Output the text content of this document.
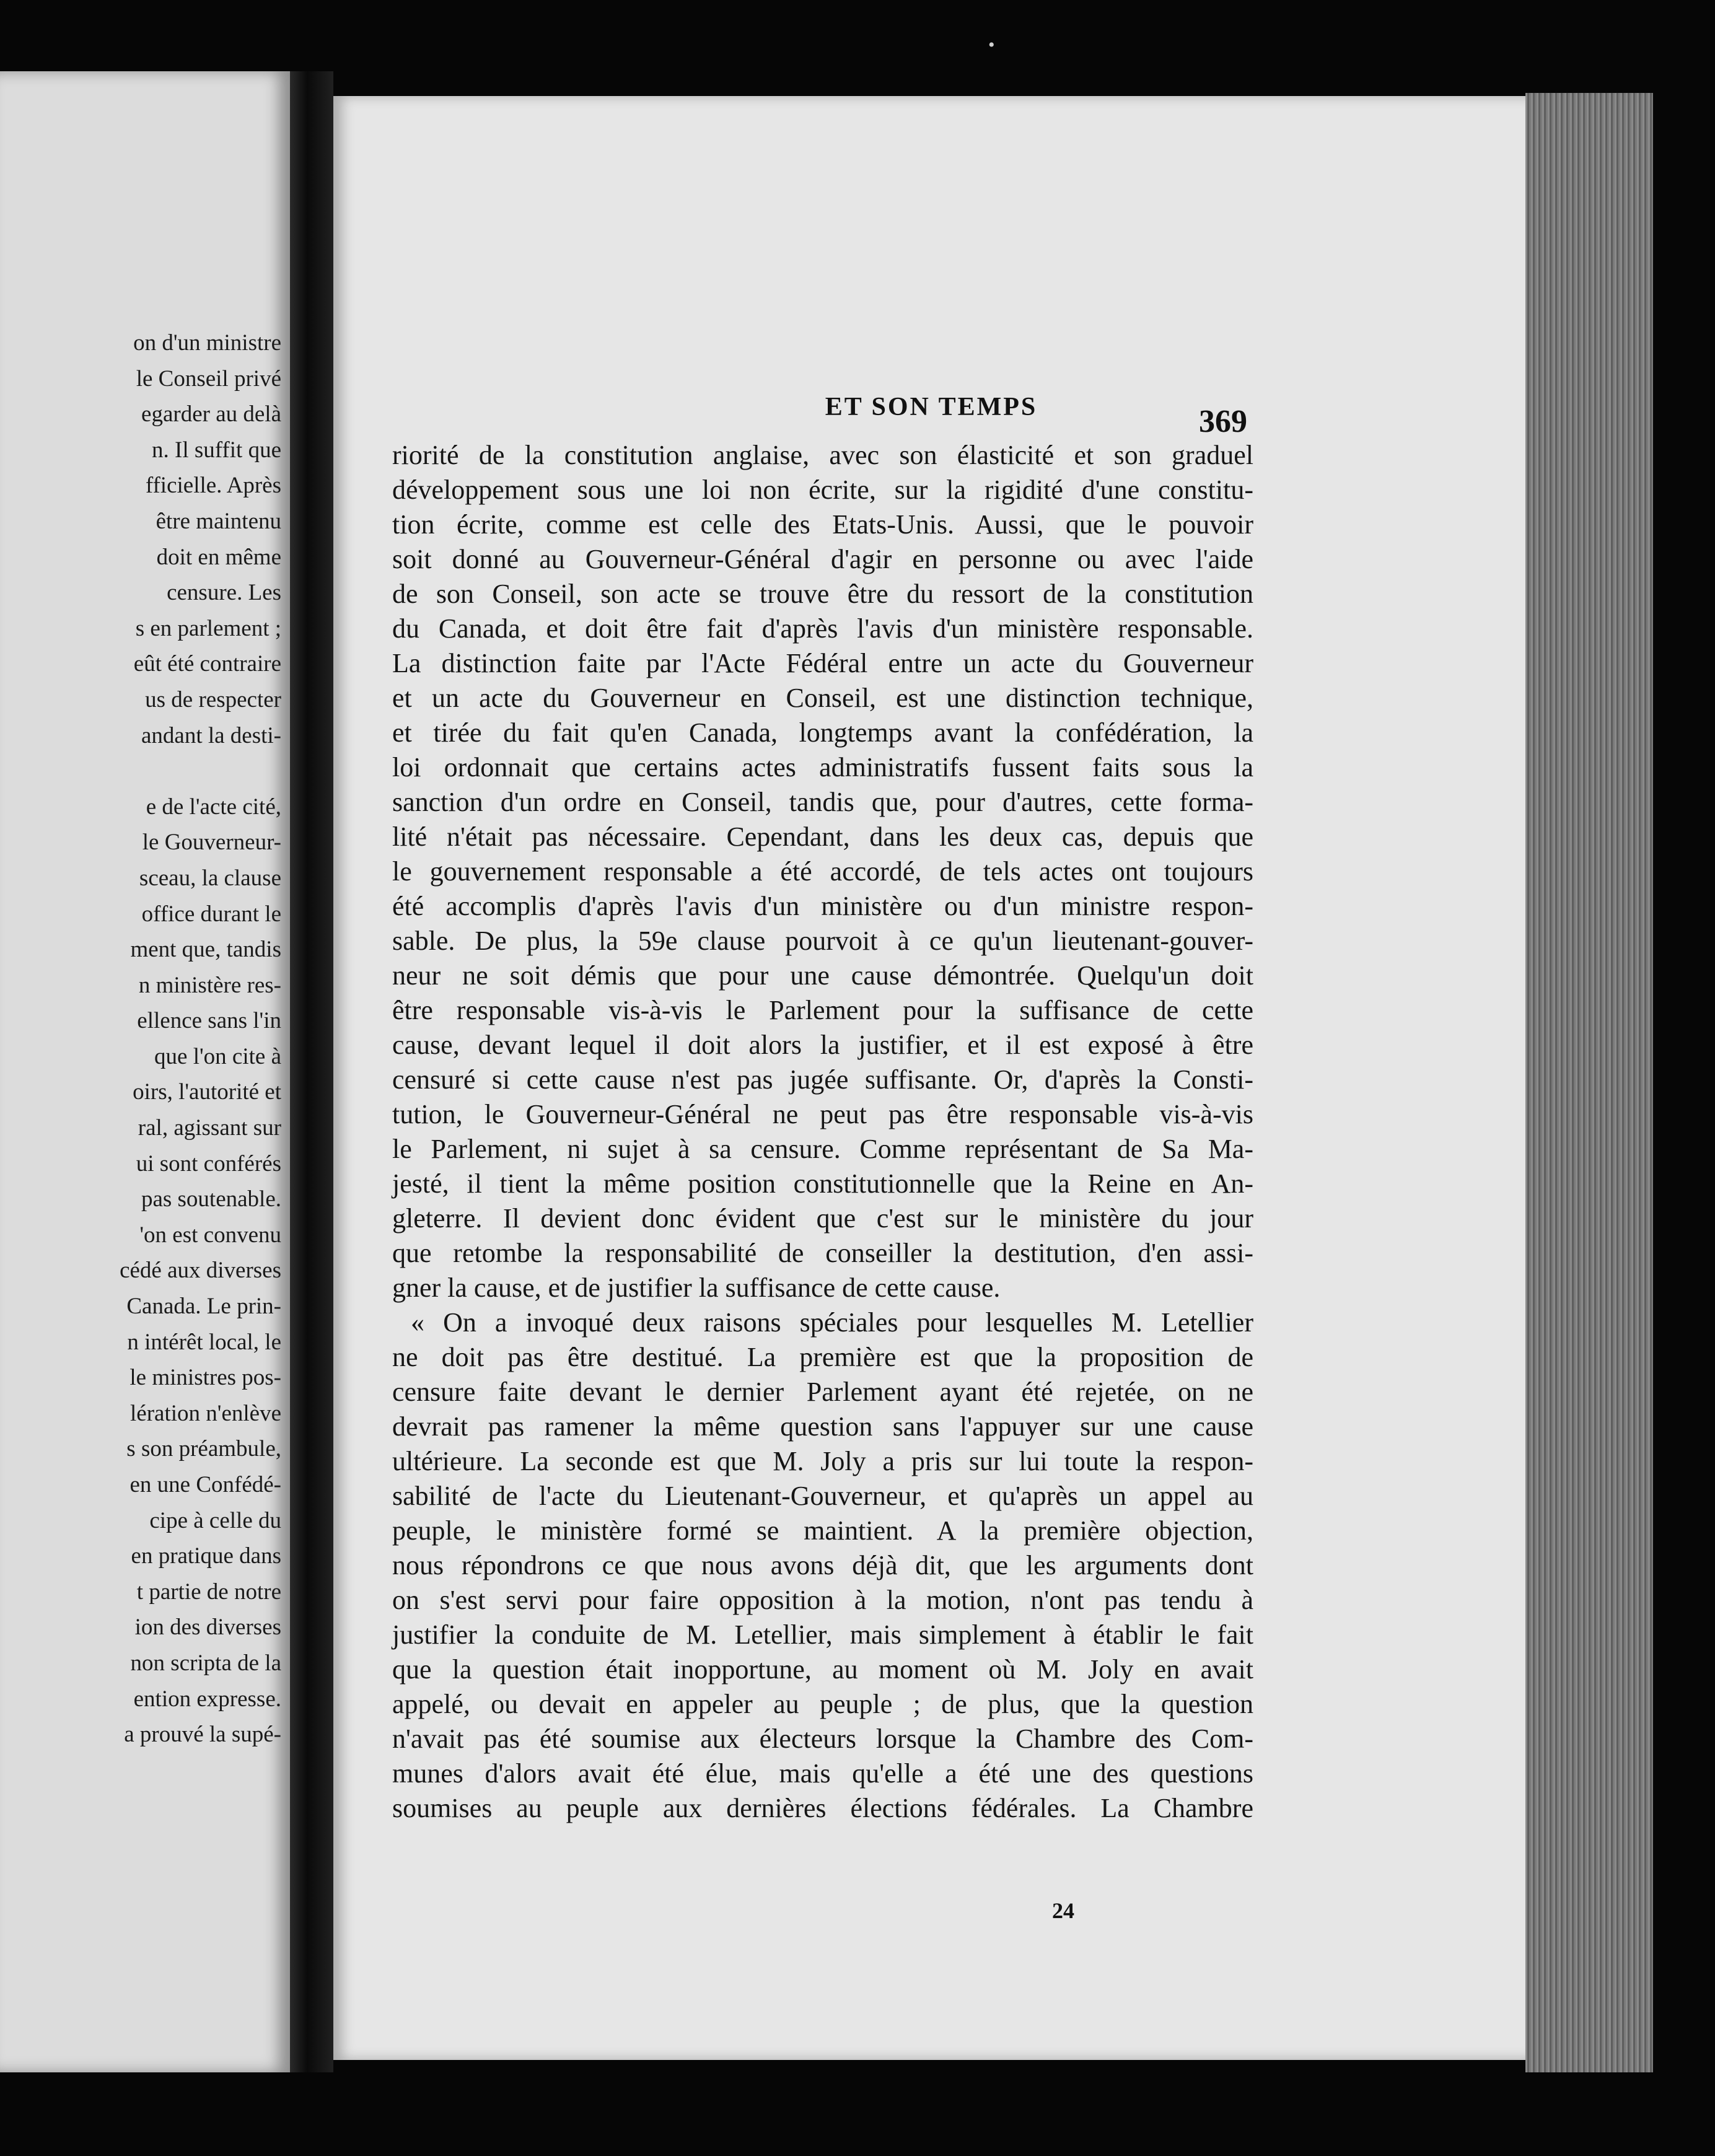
•
on d'un ministre
le Conseil privé
egarder au delà
n. Il suffit que
fficielle. Après
être maintenu
doit en même
censure. Les
s en parlement ;
eût été contraire
us de respecter
andant la desti-
e de l'acte cité,
le Gouverneur-
sceau, la clause
office durant le
ment que, tandis
n ministère res-
ellence sans l'in
que l'on cite à
oirs, l'autorité et
ral, agissant sur
ui sont conférés
pas soutenable.
'on est convenu
cédé aux diverses
Canada. Le prin-
n intérêt local, le
le ministres pos-
lération n'enlève
s son préambule,
en une Confédé-
cipe à celle du
en pratique dans
t partie de notre
ion des diverses
non scripta de la
ention expresse.
a prouvé la supé-
ET SON TEMPS	369
riorité de la constitution anglaise, avec son élasticité et son graduel
développement sous une loi non écrite, sur la rigidité d'une constitu-
tion écrite, comme est celle des Etats-Unis. Aussi, que le pouvoir
soit donné au Gouverneur-Général d'agir en personne ou avec l'aide
de son Conseil, son acte se trouve être du ressort de la constitution
du Canada, et doit être fait d'après l'avis d'un ministère responsable.
La distinction faite par l'Acte Fédéral entre un acte du Gouverneur
et un acte du Gouverneur en Conseil, est une distinction technique,
et tirée du fait qu'en Canada, longtemps avant la confédération, la
loi ordonnait que certains actes administratifs fussent faits sous la
sanction d'un ordre en Conseil, tandis que, pour d'autres, cette forma-
lité n'était pas nécessaire. Cependant, dans les deux cas, depuis que
le gouvernement responsable a été accordé, de tels actes ont toujours
été accomplis d'après l'avis d'un ministère ou d'un ministre respon-
sable. De plus, la 59e clause pourvoit à ce qu'un lieutenant-gouver-
neur ne soit démis que pour une cause démontrée. Quelqu'un doit
être responsable vis-à-vis le Parlement pour la suffisance de cette
cause, devant lequel il doit alors la justifier, et il est exposé à être
censuré si cette cause n'est pas jugée suffisante. Or, d'après la Consti-
tution, le Gouverneur-Général ne peut pas être responsable vis-à-vis
le Parlement, ni sujet à sa censure. Comme représentant de Sa Ma-
jesté, il tient la même position constitutionnelle que la Reine en An-
gleterre. Il devient donc évident que c'est sur le ministère du jour
que retombe la responsabilité de conseiller la destitution, d'en assi-
gner la cause, et de justifier la suffisance de cette cause.
« On a invoqué deux raisons spéciales pour lesquelles M. Letellier
ne doit pas être destitué. La première est que la proposition de
censure faite devant le dernier Parlement ayant été rejetée, on ne
devrait pas ramener la même question sans l'appuyer sur une cause
ultérieure. La seconde est que M. Joly a pris sur lui toute la respon-
sabilité de l'acte du Lieutenant-Gouverneur, et qu'après un appel au
peuple, le ministère formé se maintient. A la première objection,
nous répondrons ce que nous avons déjà dit, que les arguments dont
on s'est servi pour faire opposition à la motion, n'ont pas tendu à
justifier la conduite de M. Letellier, mais simplement à établir le fait
que la question était inopportune, au moment où M. Joly en avait
appelé, ou devait en appeler au peuple ; de plus, que la question
n'avait pas été soumise aux électeurs lorsque la Chambre des Com-
munes d'alors avait été élue, mais qu'elle a été une des questions
soumises au peuple aux dernières élections fédérales. La Chambre
24
